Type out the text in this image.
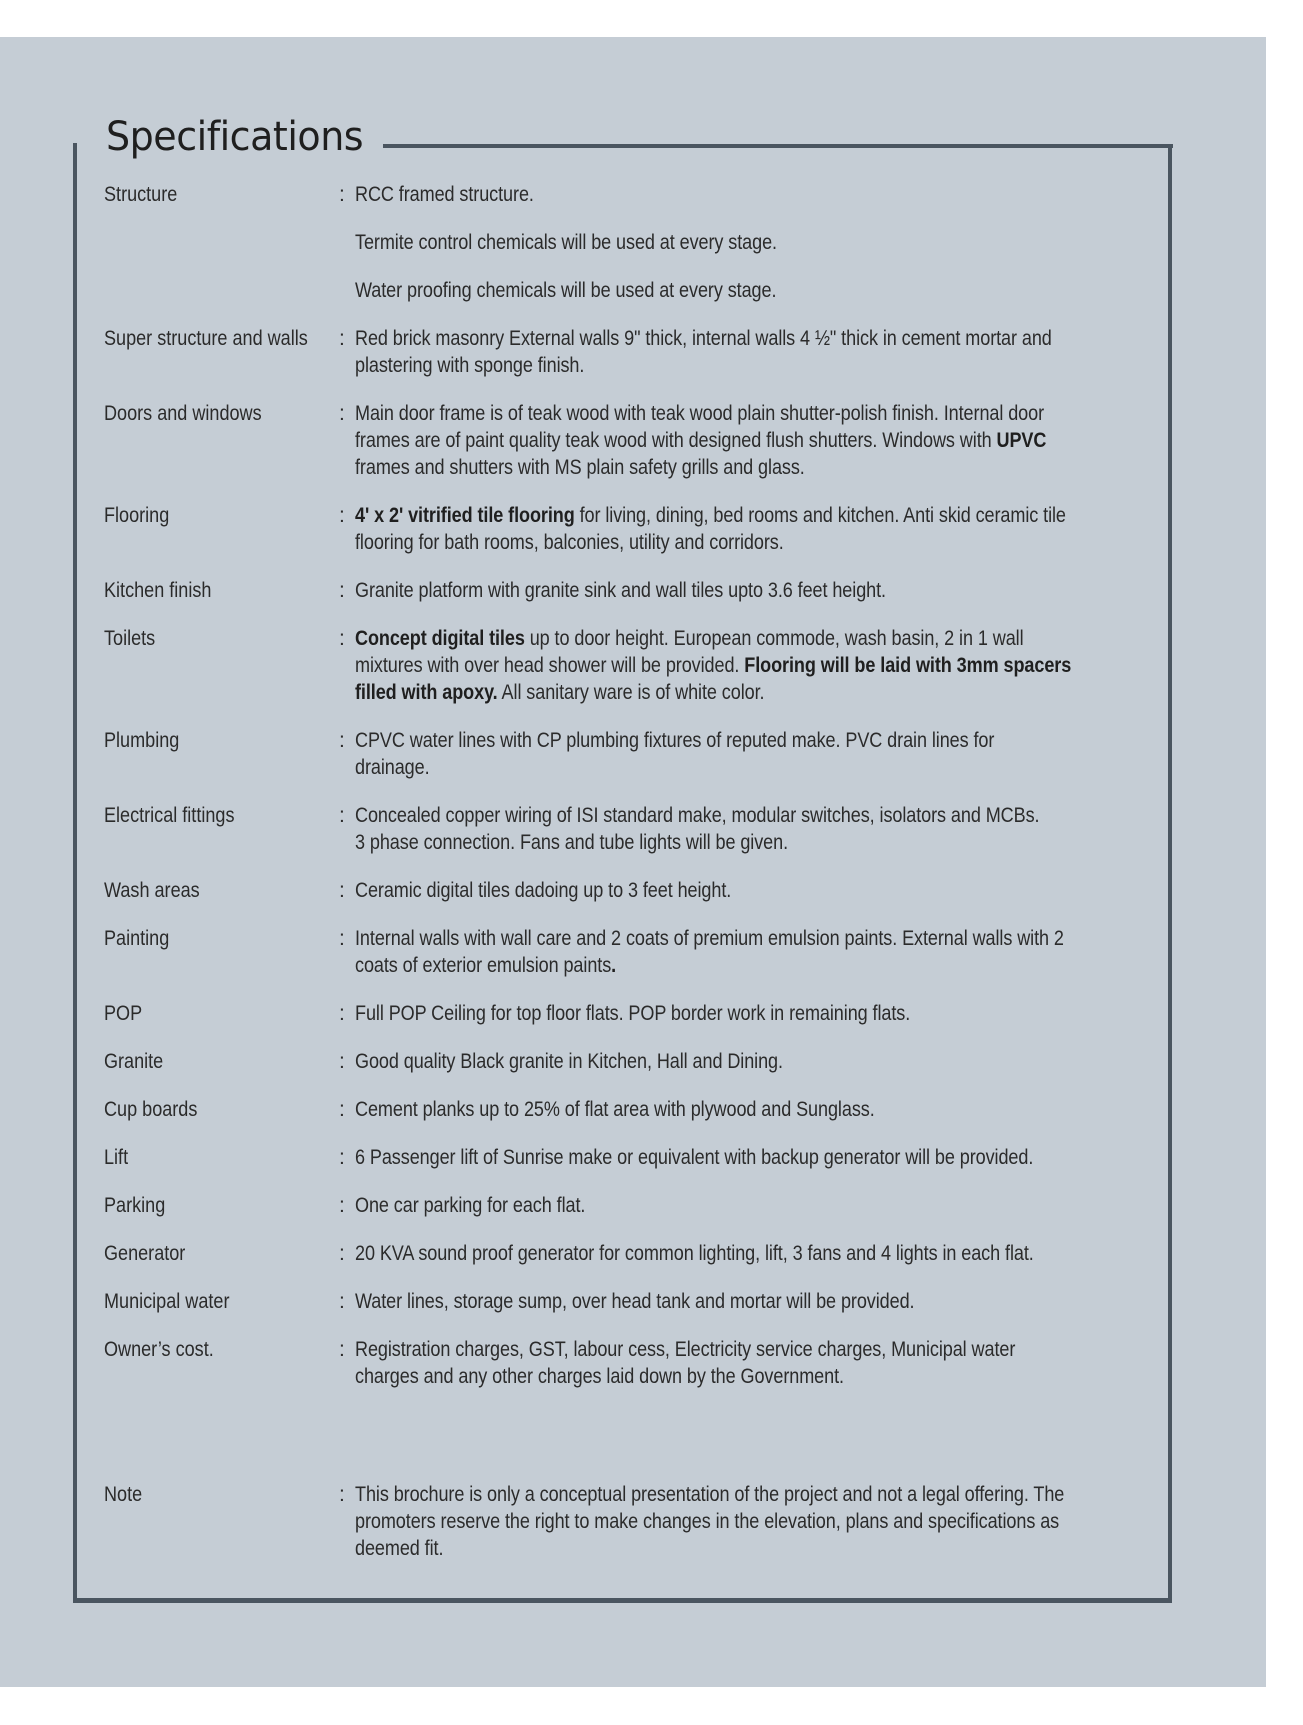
Specifications
Structure	: RCC framed structure.
Termite control chemicals will be used at every stage.
Water proofing chemicals will be used at every stage.
Super structure and walls : Red brick masonry External walls 9" thick, internal walls 4 ½" thick in cement mortar and
plastering with sponge finish.
Doors and windows	: Main door frame is of teak wood with teak wood plain shutter-polish finish. Internal door
frames are of paint quality teak wood with designed flush shutters. Windows with UPVC
frames and shutters with MS plain safety grills and glass.
Flooring	: 4' x 2' vitrified tile flooring for living, dining, bed rooms and kitchen. Anti skid ceramic tile
flooring for bath rooms, balconies, utility and corridors.
Kitchen finish	: Granite platform with granite sink and wall tiles upto 3.6 feet height.
Toilets	: Concept digital tiles up to door height. European commode, wash basin, 2 in 1 wall
mixtures with over head shower will be provided. Flooring will be laid with 3mm spacers
filled with apoxy. All sanitary ware is of white color.
Plumbing	: CPVC water lines with CP plumbing fixtures of reputed make. PVC drain lines for
drainage.
Electrical fittings	: Concealed copper wiring of ISI standard make, modular switches, isolators and MCBs.
3 phase connection. Fans and tube lights will be given.
Wash areas	: Ceramic digital tiles dadoing up to 3 feet height.
Painting	: Internal walls with wall care and 2 coats of premium emulsion paints. External walls with 2
coats of exterior emulsion paints.
POP	: Full POP Ceiling for top floor flats. POP border work in remaining flats.
Granite	: Good quality Black granite in Kitchen, Hall and Dining.
Cup boards	: Cement planks up to 25% of flat area with plywood and Sunglass.
Lift	: 6 Passenger lift of Sunrise make or equivalent with backup generator will be provided.
Parking	: One car parking for each flat.
Generator	: 20 KVA sound proof generator for common lighting, lift, 3 fans and 4 lights in each flat.
Municipal water	: Water lines, storage sump, over head tank and mortar will be provided.
Owner’s cost.	: Registration charges, GST, labour cess, Electricity service charges, Municipal water
charges and any other charges laid down by the Government.
Note	: This brochure is only a conceptual presentation of the project and not a legal offering. The
promoters reserve the right to make changes in the elevation, plans and specifications as
deemed fit.
